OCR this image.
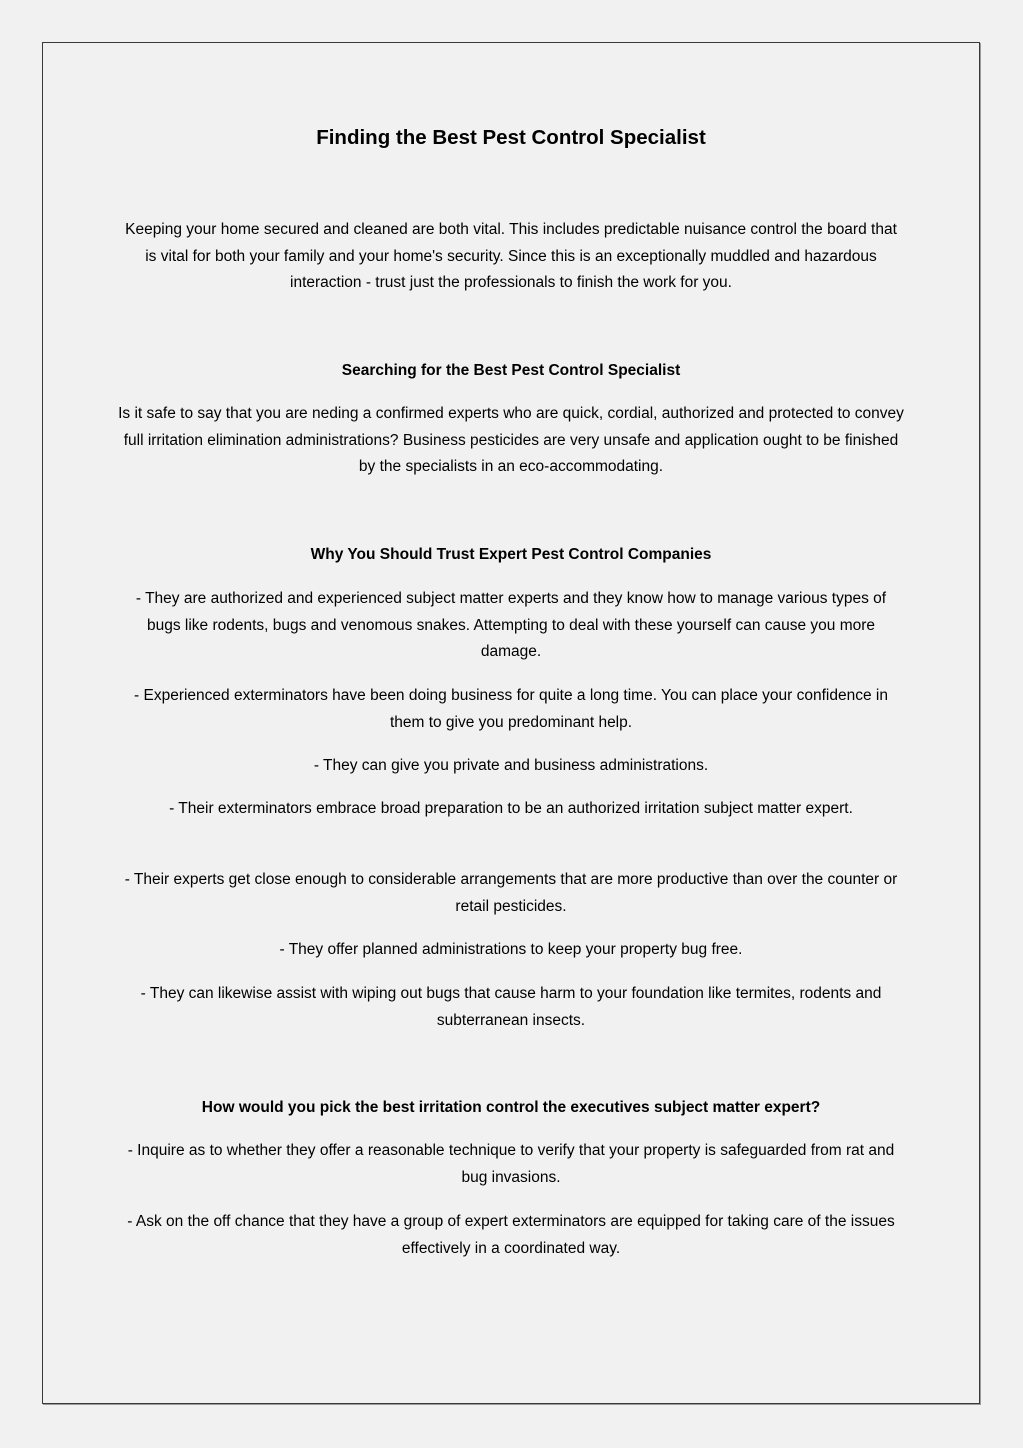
Finding the Best Pest Control Specialist

Keeping your home secured and cleaned are both vital. This includes predictable nuisance control the board that is vital for both your family and your home's security. Since this is an exceptionally muddled and hazardous interaction - trust just the professionals to finish the work for you.

Searching for the Best Pest Control Specialist

Is it safe to say that you are neding a confirmed experts who are quick, cordial, authorized and protected to convey full irritation elimination administrations? Business pesticides are very unsafe and application ought to be finished by the specialists in an eco-accommodating.

Why You Should Trust Expert Pest Control Companies

- They are authorized and experienced subject matter experts and they know how to manage various types of bugs like rodents, bugs and venomous snakes. Attempting to deal with these yourself can cause you more damage.

- Experienced exterminators have been doing business for quite a long time. You can place your confidence in them to give you predominant help.

- They can give you private and business administrations.

- Their exterminators embrace broad preparation to be an authorized irritation subject matter expert.

- Their experts get close enough to considerable arrangements that are more productive than over the counter or retail pesticides.

- They offer planned administrations to keep your property bug free.

- They can likewise assist with wiping out bugs that cause harm to your foundation like termites, rodents and subterranean insects.

How would you pick the best irritation control the executives subject matter expert?

- Inquire as to whether they offer a reasonable technique to verify that your property is safeguarded from rat and bug invasions.

- Ask on the off chance that they have a group of expert exterminators are equipped for taking care of the issues effectively in a coordinated way.
